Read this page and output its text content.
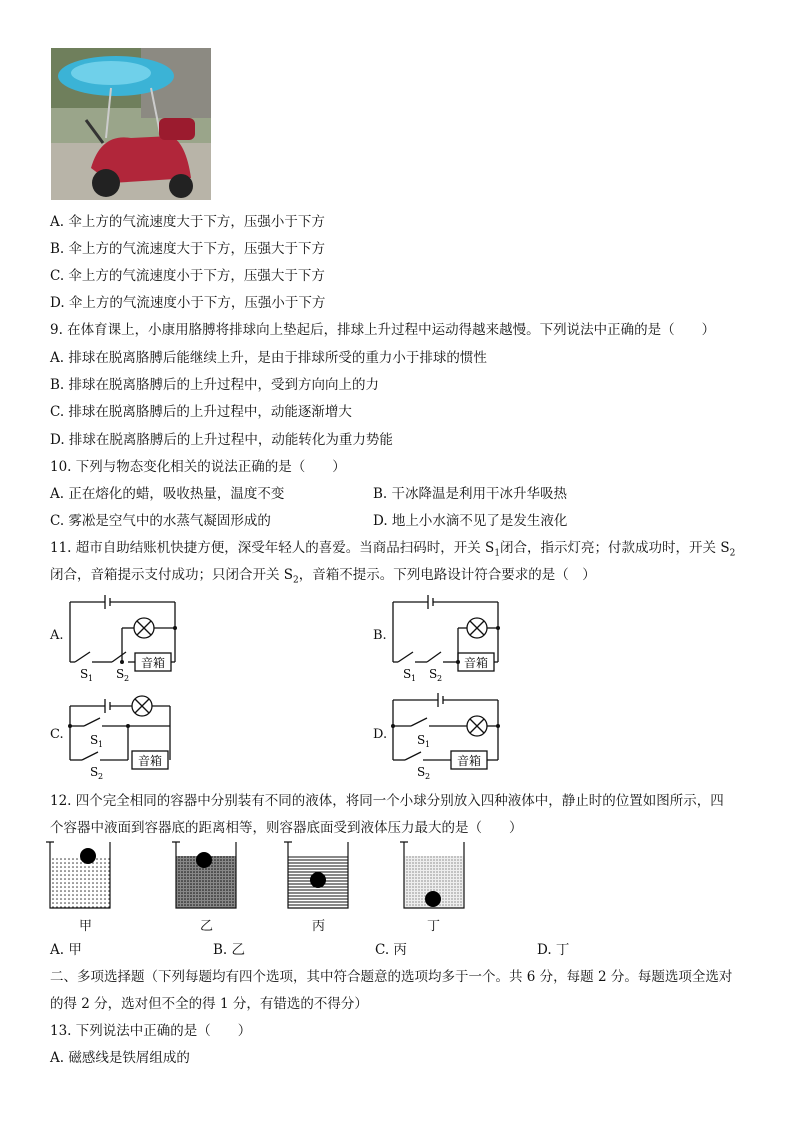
A. 伞上方的气流速度大于下方，压强小于下方
B. 伞上方的气流速度大于下方，压强大于下方
C. 伞上方的气流速度小于下方，压强大于下方
D. 伞上方的气流速度小于下方，压强小于下方
9. 在体育课上，小康用胳膊将排球向上垫起后，排球上升过程中运动得越来越慢。下列说法中正确的是（　　）
A. 排球在脱离胳膊后能继续上升，是由于排球所受的重力小于排球的惯性
B. 排球在脱离胳膊后的上升过程中，受到方向向上的力
C. 排球在脱离胳膊后的上升过程中，动能逐渐增大
D. 排球在脱离胳膊后的上升过程中，动能转化为重力势能
10. 下列与物态变化相关的说法正确的是（　　）
A. 正在熔化的蜡，吸收热量，温度不变	B. 干冰降温是利用干冰升华吸热
C. 雾凇是空气中的水蒸气凝固形成的	D. 地上小水滴不见了是发生液化
11. 超市自助结账机快捷方便，深受年轻人的喜爱。当商品扫码时，开关 $S_1$闭合，指示灯亮；付款成功时，开关 $S_2$
闭合，音箱提示支付成功；只闭合开关 $S_2$，音箱不提示。下列电路设计符合要求的是（　）
A.	B.
C.	D.
音箱
S 1 S 2
音箱
S 1 S 2
音箱
S 1
S 2
音箱
S 1
S 2
12. 四个完全相同的容器中分别装有不同的液体，将同一个小球分别放入四种液体中，静止时的位置如图所示，四
个容器中液面到容器底的距离相等，则容器底面受到液体压力最大的是（　　）
甲	乙	丙	丁
A. 甲	B. 乙	C. 丙	D. 丁
二、多项选择题（下列每题均有四个选项，其中符合题意的选项均多于一个。共 6 分，每题 2 分。每题选项全选对
的得 2 分，选对但不全的得 1 分，有错选的不得分）
13. 下列说法中正确的是（　　）
A. 磁感线是铁屑组成的
